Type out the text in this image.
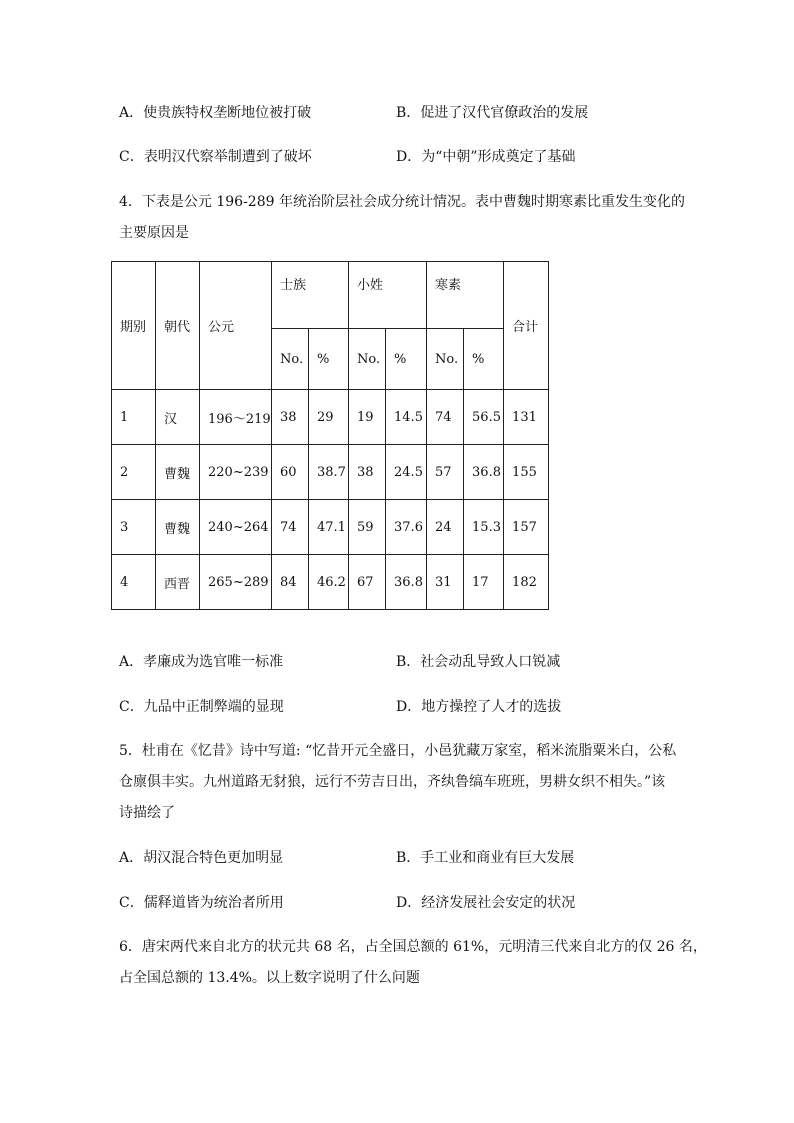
A．使贵族特权垄断地位被打破	B．促进了汉代官僚政治的发展
C．表明汉代察举制遭到了破坏	D．为“中朝”形成奠定了基础
4．下表是公元 196-289 年统治阶层社会成分统计情况。表中曹魏时期寒素比重发生变化的
主要原因是
期别	朝代	公元	士族		小姓		寒素		合计
			No.	%	No.	%	No.	%	
1	汉	196～219	38	29	19	14.5	74	56.5	131
2	曹魏	220~239	60	38.7	38	24.5	57	36.8	155
3	曹魏	240~264	74	47.1	59	37.6	24	15.3	157
4	西晋	265~289	84	46.2	67	36.8	31	17	182
A．孝廉成为选官唯一标准	B．社会动乱导致人口锐减
C．九品中正制弊端的显现	D．地方操控了人才的选拔
5．杜甫在《忆昔》诗中写道: “忆昔开元全盛日，小邑犹藏万家室，稻米流脂粟米白，公私
仓廪俱丰实。九州道路无豺狼，远行不劳吉日出，齐纨鲁缟车班班，男耕女织不相失。”该
诗描绘了
A．胡汉混合特色更加明显	B．手工业和商业有巨大发展
C．儒释道皆为统治者所用	D．经济发展社会安定的状况
6．唐宋两代来自北方的状元共 68 名，占全国总额的 61%，元明清三代来自北方的仅 26 名，
占全国总额的 13.4%。以上数字说明了什么问题
